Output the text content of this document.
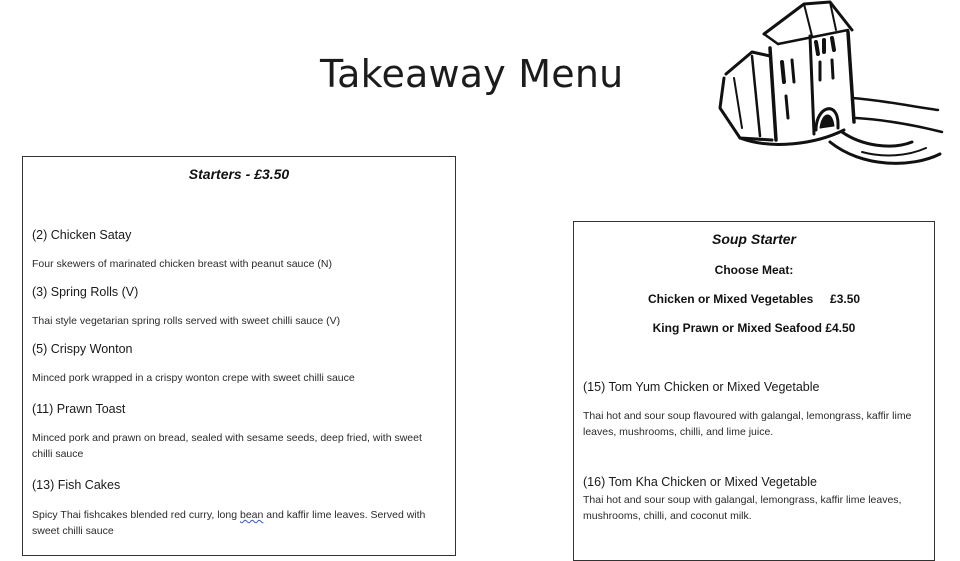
Takeaway Menu
Starters - £3.50
(2) Chicken Satay
Four skewers of marinated chicken breast with peanut sauce (N)
(3) Spring Rolls (V)
Thai style vegetarian spring rolls served with sweet chilli sauce (V)
(5) Crispy Wonton
Minced pork wrapped in a crispy wonton crepe with sweet chilli sauce
(11) Prawn Toast
Minced pork and prawn on bread, sealed with sesame seeds, deep fried, with sweet chilli sauce
(13) Fish Cakes
Spicy Thai fishcakes blended red curry, long bean and kaffir lime leaves. Served with sweet chilli sauce
Soup Starter
Choose Meat:
Chicken or Mixed Vegetables     £3.50
King Prawn or Mixed Seafood £4.50
(15) Tom Yum Chicken or Mixed Vegetable
Thai hot and sour soup flavoured with galangal, lemongrass, kaffir lime leaves, mushrooms, chilli, and lime juice.
(16) Tom Kha Chicken or Mixed Vegetable
Thai hot and sour soup with galangal, lemongrass, kaffir lime leaves, mushrooms, chilli, and coconut milk.
